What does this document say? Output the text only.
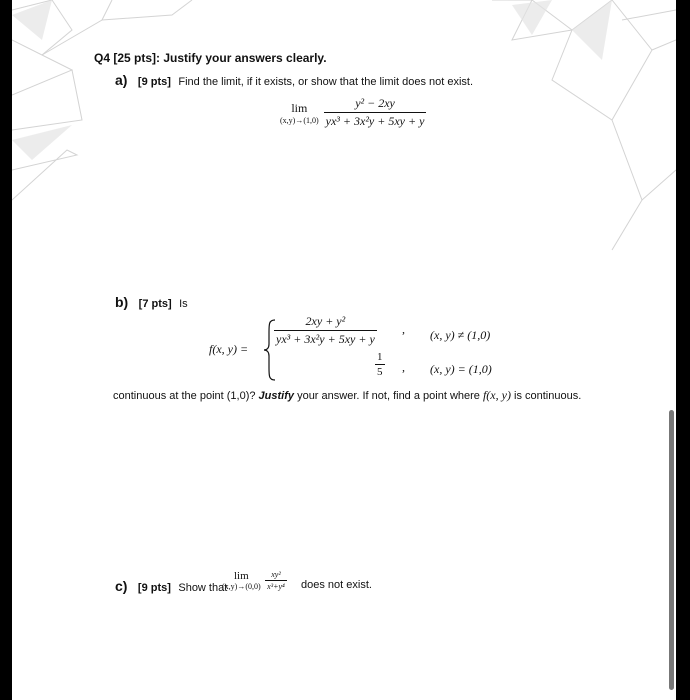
Q4 [25 pts]: Justify your answers clearly.
a) [9 pts] Find the limit, if it exists, or show that the limit does not exist.
lim
(x,y)→(1,0)
$\frac{\text{y² − 2xy}}{\text{yx³ + 3x²y + 5xy + y}}$
b) [7 pts] Is
f(x, y) =
$\frac{\text{2xy + y²}}{\text{yx³ + 3x²y + 5xy + y}}$ , (x, y) ≠ (1,0)
$\frac{1}{5}$ , (x, y) = (1,0)
continuous at the point (1,0)? Justify your answer. If not, find a point where f(x, y) is continuous.
c) [9 pts] Show that
lim
(x,y)→(0,0)
$\frac{\text{xy²}}{\text{x³+y⁴}}$ does not exist.
